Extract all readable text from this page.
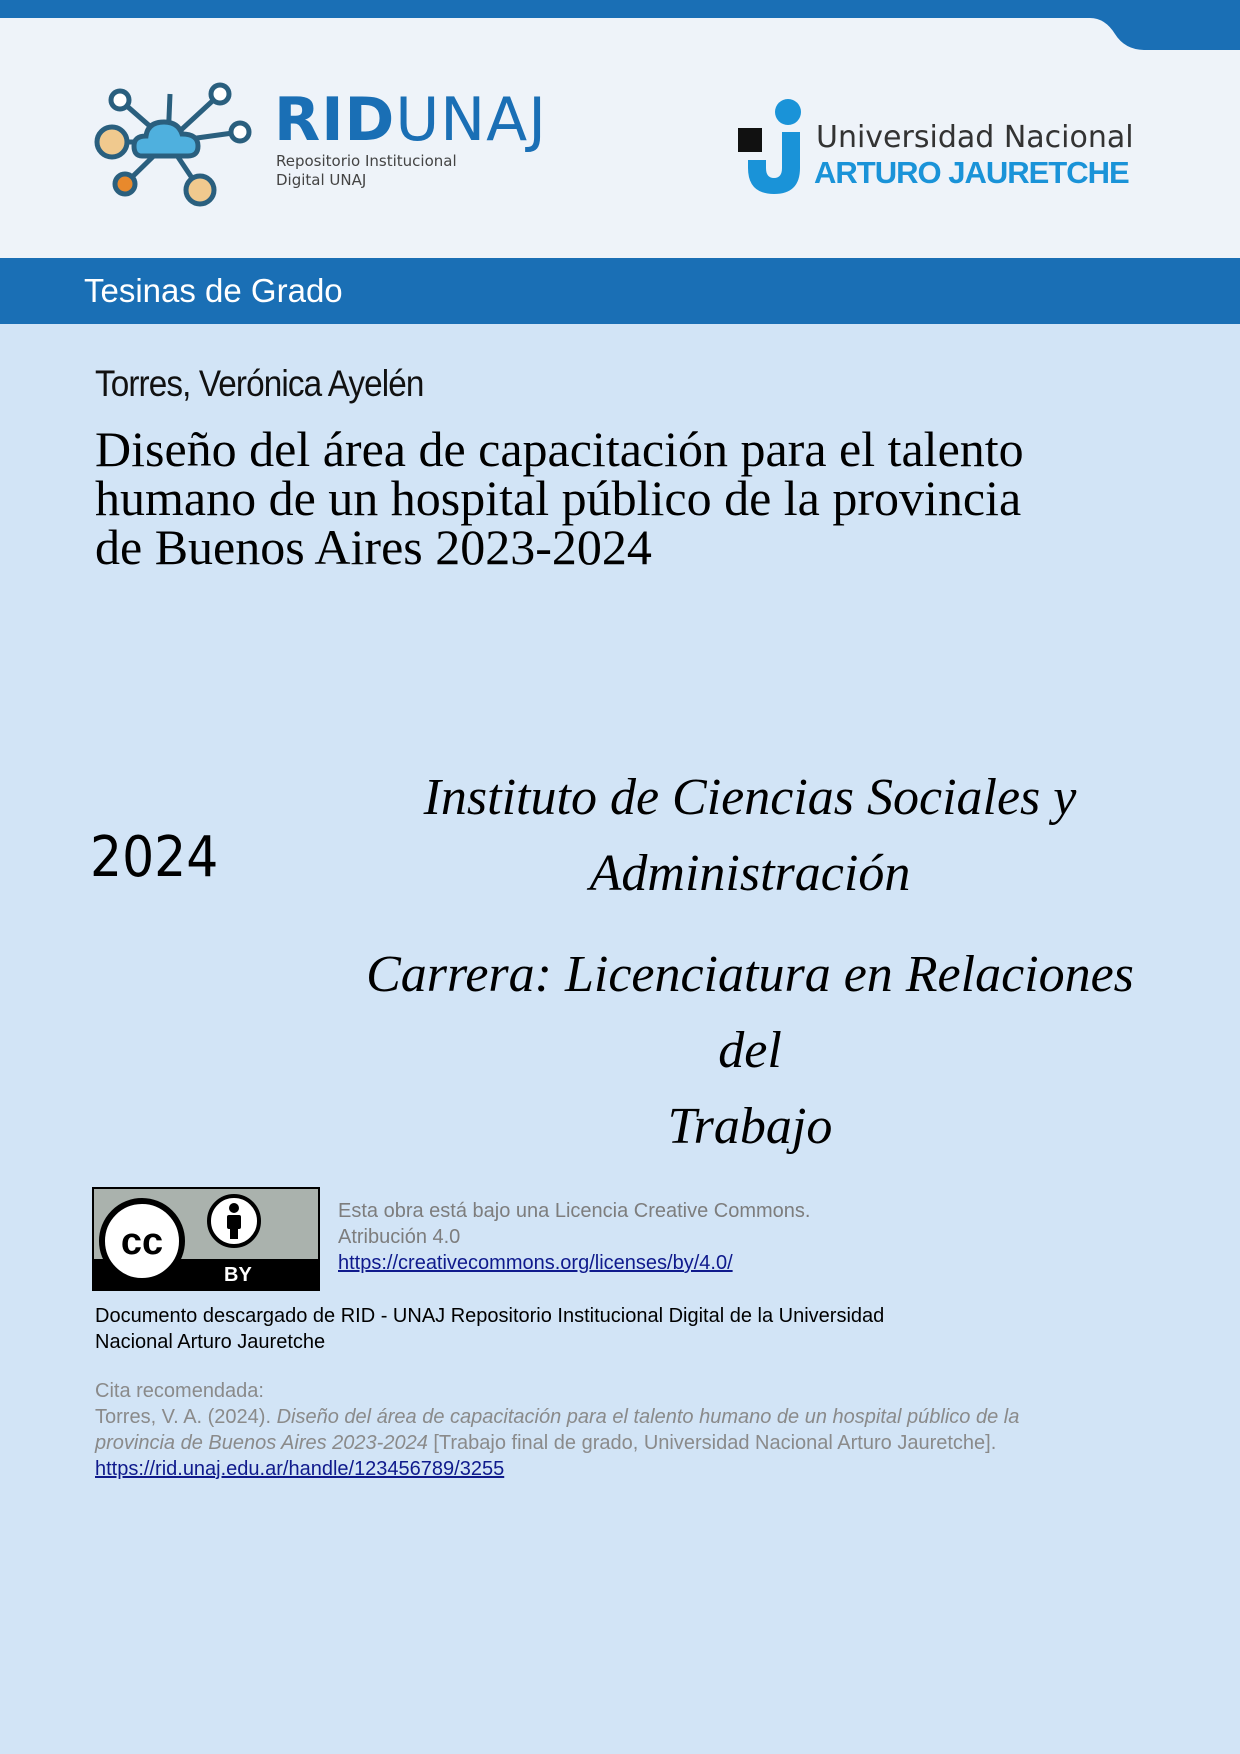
RIDUNAJ
Repositorio Institucional
Digital UNAJ
Universidad Nacional
ARTURO JAURETCHE
Tesinas de Grado
Torres, Verónica Ayelén
Diseño del área de capacitación para el talento
humano de un hospital público de la provincia
de Buenos Aires 2023-2024
2024
Instituto de Ciencias Sociales y
Administración
Carrera: Licenciatura en Relaciones del
Trabajo
cc
BY
Esta obra está bajo una Licencia Creative Commons.
Atribución 4.0
https://creativecommons.org/licenses/by/4.0/
Documento descargado de RID - UNAJ Repositorio Institucional Digital de la Universidad
Nacional Arturo Jauretche
Cita recomendada:
Torres, V. A. (2024). Diseño del área de capacitación para el talento humano de un hospital público de la
provincia de Buenos Aires 2023-2024 [Trabajo final de grado, Universidad Nacional Arturo Jauretche].
https://rid.unaj.edu.ar/handle/123456789/3255
